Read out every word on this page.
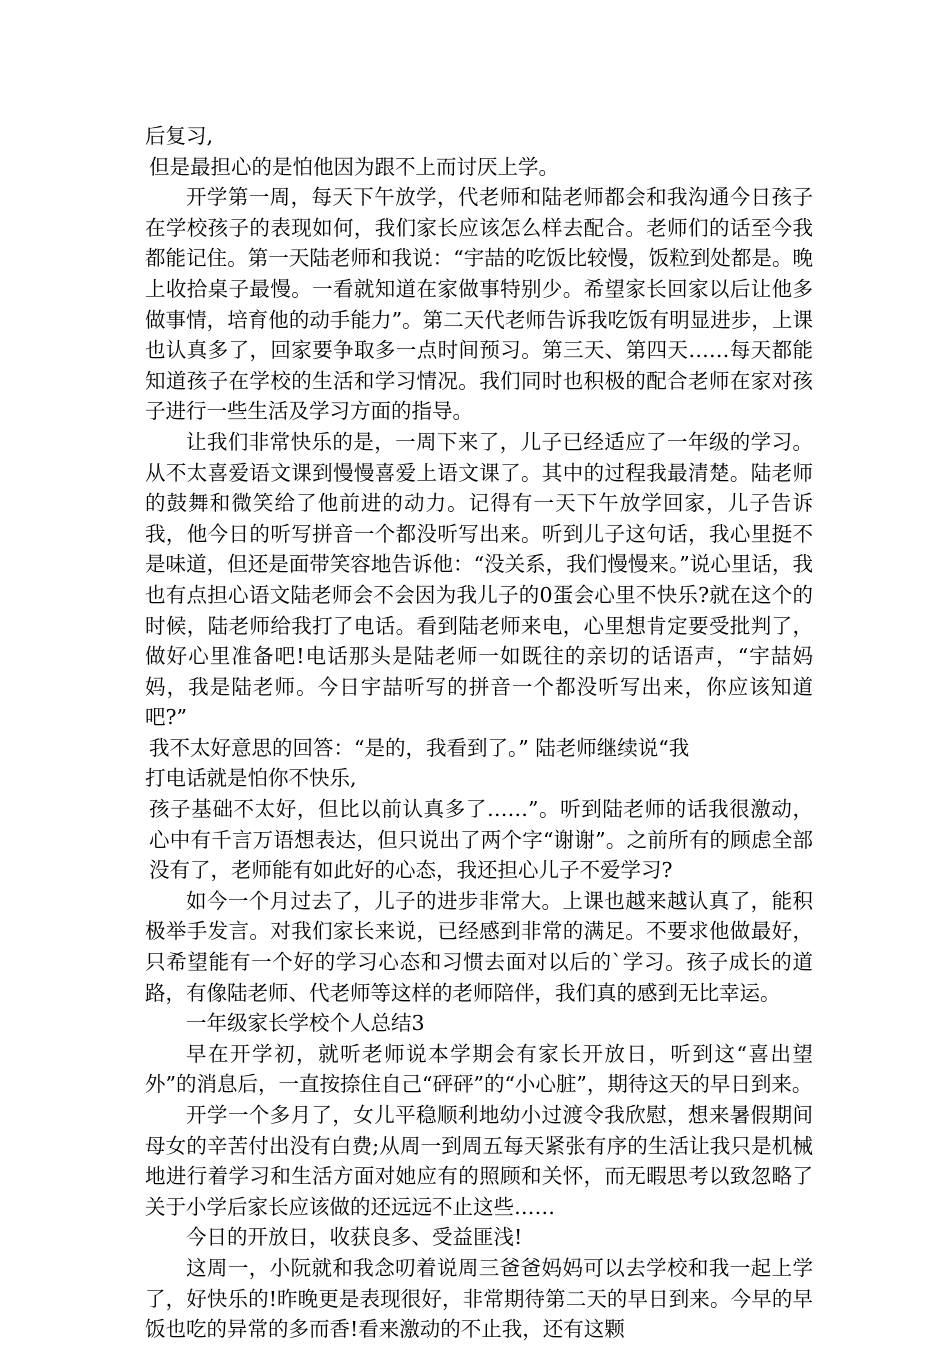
后复习,
但是最担心的是怕他因为跟不上而讨厌上学。

开学第一周，每天下午放学，代老师和陆老师都会和我沟通今日孩子在学校孩子的表现如何，我们家长应该怎么样去配合。老师们的话至今我都能记住。第一天陆老师和我说：“宇喆的吃饭比较慢，饭粒到处都是。晚上收拾桌子最慢。一看就知道在家做事特别少。希望家长回家以后让他多做事情，培育他的动手能力”。第二天代老师告诉我吃饭有明显进步，上课也认真多了，回家要争取多一点时间预习。第三天、第四天……每天都能知道孩子在学校的生活和学习情况。我们同时也积极的配合老师在家对孩子进行一些生活及学习方面的指导。

让我们非常快乐的是，一周下来了，儿子已经适应了一年级的学习。从不太喜爱语文课到慢慢喜爱上语文课了。其中的过程我最清楚。陆老师的鼓舞和微笑给了他前进的动力。记得有一天下午放学回家，儿子告诉我，他今日的听写拼音一个都没听写出来。听到儿子这句话，我心里挺不是味道，但还是面带笑容地告诉他：“没关系，我们慢慢来。”说心里话，我也有点担心语文陆老师会不会因为我儿子的0蛋会心里不快乐?就在这个的时候，陆老师给我打了电话。看到陆老师来电，心里想肯定要受批判了，做好心里准备吧!电话那头是陆老师一如既往的亲切的话语声，“宇喆妈妈，我是陆老师。今日宇喆听写的拼音一个都没听写出来，你应该知道吧?”

我不太好意思的回答：“是的，我看到了。” 陆老师继续说“我
打电话就是怕你不快乐,

孩子基础不太好，但比以前认真多了……”。听到陆老师的话我很激动，心中有千言万语想表达，但只说出了两个字“谢谢”。之前所有的顾虑全部没有了，老师能有如此好的心态，我还担心儿子不爱学习?

如今一个月过去了，儿子的进步非常大。上课也越来越认真了，能积极举手发言。对我们家长来说，已经感到非常的满足。不要求他做最好，只希望能有一个好的学习心态和习惯去面对以后的`学习。孩子成长的道路，有像陆老师、代老师等这样的老师陪伴，我们真的感到无比幸运。

一年级家长学校个人总结3

早在开学初，就听老师说本学期会有家长开放日，听到这“喜出望外”的消息后，一直按捺住自己“砰砰”的“小心脏”，期待这天的早日到来。

开学一个多月了，女儿平稳顺利地幼小过渡令我欣慰，想来暑假期间母女的辛苦付出没有白费;从周一到周五每天紧张有序的生活让我只是机械地进行着学习和生活方面对她应有的照顾和关怀，而无暇思考以致忽略了关于小学后家长应该做的还远远不止这些……

今日的开放日，收获良多、受益匪浅!

这周一，小阮就和我念叨着说周三爸爸妈妈可以去学校和我一起上学了，好快乐的!昨晚更是表现很好，非常期待第二天的早日到来。今早的早饭也吃的异常的多而香!看来激动的不止我，还有这颗
